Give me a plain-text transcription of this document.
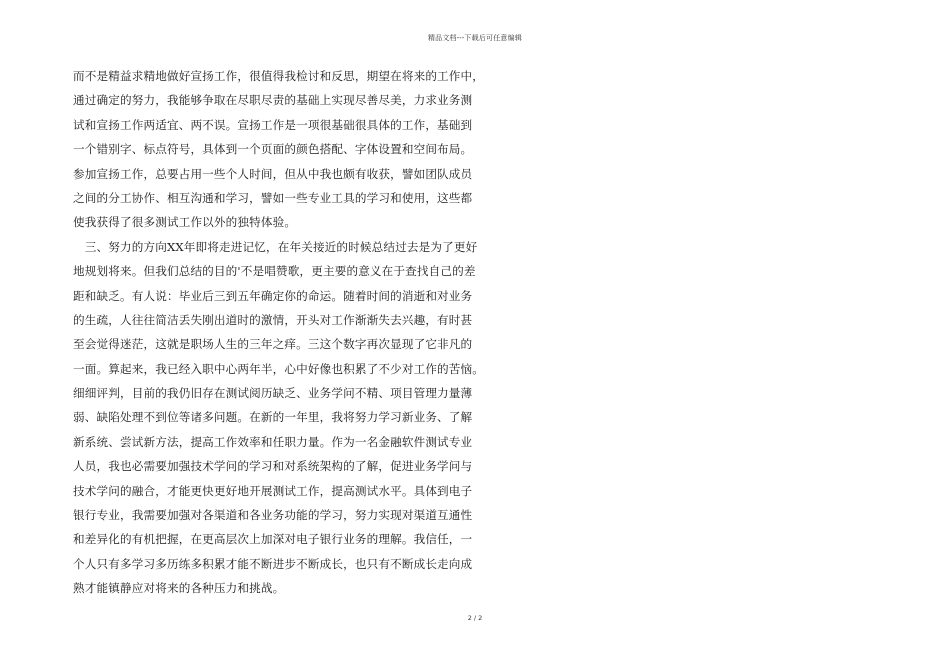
精品文档---下载后可任意编辑
而不是精益求精地做好宣扬工作，很值得我检讨和反思，期望在将来的工作中，
通过确定的努力，我能够争取在尽职尽责的基础上实现尽善尽美，力求业务测
试和宣扬工作两适宜、两不误。宣扬工作是一项很基础很具体的工作，基础到
一个错别字、标点符号，具体到一个页面的颜色搭配、字体设置和空间布局。
参加宣扬工作，总要占用一些个人时间，但从中我也颇有收获，譬如团队成员
之间的分工协作、相互沟通和学习，譬如一些专业工具的学习和使用，这些都
使我获得了很多测试工作以外的独特体验。
　三、努力的方向XX年即将走进记忆，在年关接近的时候总结过去是为了更好
地规划将来。但我们总结的目的'不是唱赞歌，更主要的意义在于查找自己的差
距和缺乏。有人说：毕业后三到五年确定你的命运。随着时间的消逝和对业务
的生疏，人往往简洁丢失刚出道时的激情，开头对工作渐渐失去兴趣，有时甚
至会觉得迷茫，这就是职场人生的三年之痒。三这个数字再次显现了它非凡的
一面。算起来，我已经入职中心两年半，心中好像也积累了不少对工作的苦恼。
细细评判，目前的我仍旧存在测试阅历缺乏、业务学问不精、项目管理力量薄
弱、缺陷处理不到位等诸多问题。在新的一年里，我将努力学习新业务、了解
新系统、尝试新方法，提高工作效率和任职力量。作为一名金融软件测试专业
人员，我也必需要加强技术学问的学习和对系统架构的了解，促进业务学问与
技术学问的融合，才能更快更好地开展测试工作，提高测试水平。具体到电子
银行专业，我需要加强对各渠道和各业务功能的学习，努力实现对渠道互通性
和差异化的有机把握，在更高层次上加深对电子银行业务的理解。我信任，一
个人只有多学习多历练多积累才能不断进步不断成长，也只有不断成长走向成
熟才能镇静应对将来的各种压力和挑战。
2 / 2
